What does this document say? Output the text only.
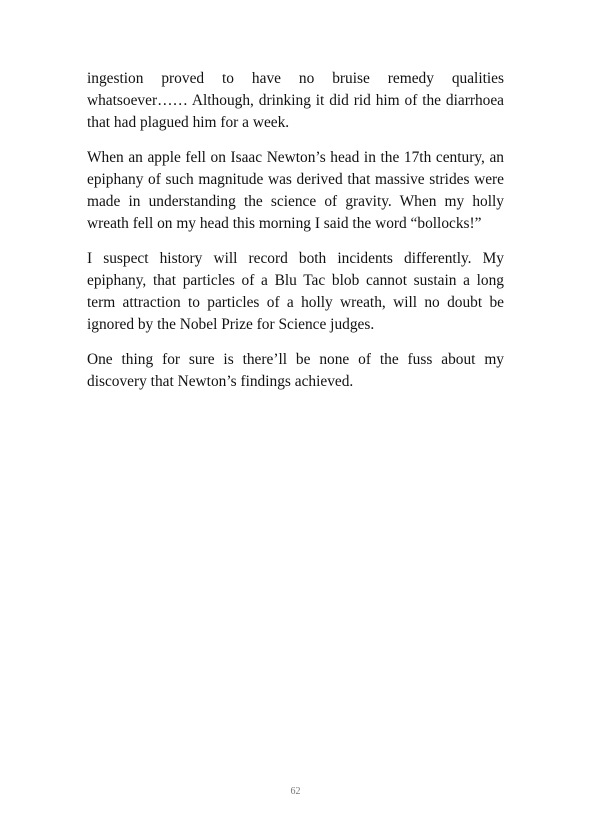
ingestion proved to have no bruise remedy qualities whatsoever…… Although, drinking it did rid him of the diarrhoea that had plagued him for a week.

When an apple fell on Isaac Newton’s head in the 17th century, an epiphany of such magnitude was derived that massive strides were made in understanding the science of gravity. When my holly wreath fell on my head this morning I said the word “bollocks!”

I suspect history will record both incidents differently. My epiphany, that particles of a Blu Tac blob cannot sustain a long term attraction to particles of a holly wreath, will no doubt be ignored by the Nobel Prize for Science judges.

One thing for sure is there’ll be none of the fuss about my discovery that Newton’s findings achieved.

62
